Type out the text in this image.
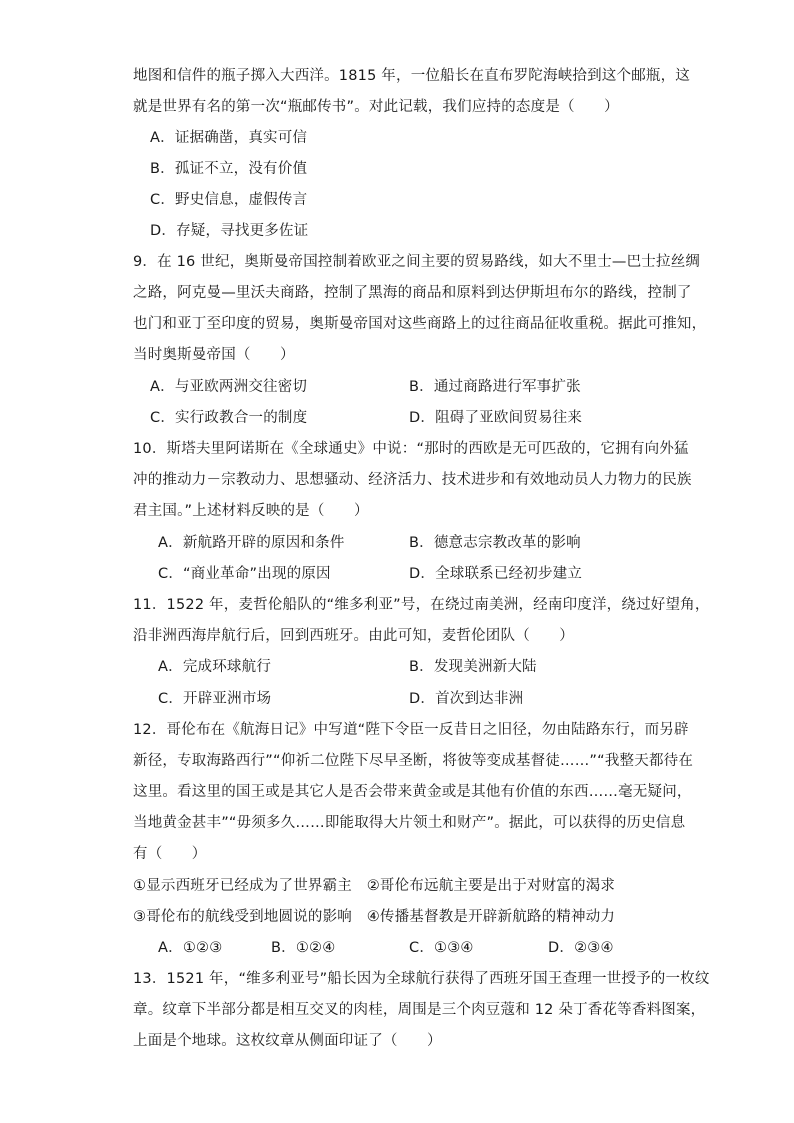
地图和信件的瓶子掷入大西洋。1815 年，一位船长在直布罗陀海峡拾到这个邮瓶，这
就是世界有名的第一次“瓶邮传书”。对此记载，我们应持的态度是（　　）
A．证据确凿，真实可信
B．孤证不立，没有价值
C．野史信息，虚假传言
D．存疑，寻找更多佐证
9．在 16 世纪，奥斯曼帝国控制着欧亚之间主要的贸易路线，如大不里士—巴士拉丝绸
之路，阿克曼—里沃夫商路，控制了黑海的商品和原料到达伊斯坦布尔的路线，控制了
也门和亚丁至印度的贸易，奥斯曼帝国对这些商路上的过往商品征收重税。据此可推知，
当时奥斯曼帝国（　　）
A．与亚欧两洲交往密切	B．通过商路进行军事扩张
C．实行政教合一的制度	D．阻碍了亚欧间贸易往来
10．斯塔夫里阿诺斯在《全球通史》中说：“那时的西欧是无可匹敌的，它拥有向外猛
冲的推动力－宗教动力、思想骚动、经济活力、技术进步和有效地动员人力物力的民族
君主国。”上述材料反映的是（　　）
A．新航路开辟的原因和条件	B．德意志宗教改革的影响
C．“商业革命”出现的原因	D．全球联系已经初步建立
11．1522 年，麦哲伦船队的“维多利亚”号，在绕过南美洲，经南印度洋，绕过好望角，
沿非洲西海岸航行后，回到西班牙。由此可知，麦哲伦团队（　　）
A．完成环球航行	B．发现美洲新大陆
C．开辟亚洲市场	D．首次到达非洲
12．哥伦布在《航海日记》中写道“陛下令臣一反昔日之旧径，勿由陆路东行，而另辟
新径，专取海路西行”“仰祈二位陛下尽早圣断，将彼等变成基督徒……”“我整天都待在
这里。看这里的国王或是其它人是否会带来黄金或是其他有价值的东西……毫无疑问，
当地黄金甚丰”“毋须多久……即能取得大片领土和财产”。据此，可以获得的历史信息
有（　　）
①显示西班牙已经成为了世界霸主　②哥伦布远航主要是出于对财富的渴求
③哥伦布的航线受到地圆说的影响　④传播基督教是开辟新航路的精神动力
A．①②③	B．①②④	C．①③④	D．②③④
13．1521 年，“维多利亚号”船长因为全球航行获得了西班牙国王查理一世授予的一枚纹
章。纹章下半部分都是相互交叉的肉桂，周围是三个肉豆蔻和 12 朵丁香花等香料图案，
上面是个地球。这枚纹章从侧面印证了（　　）
